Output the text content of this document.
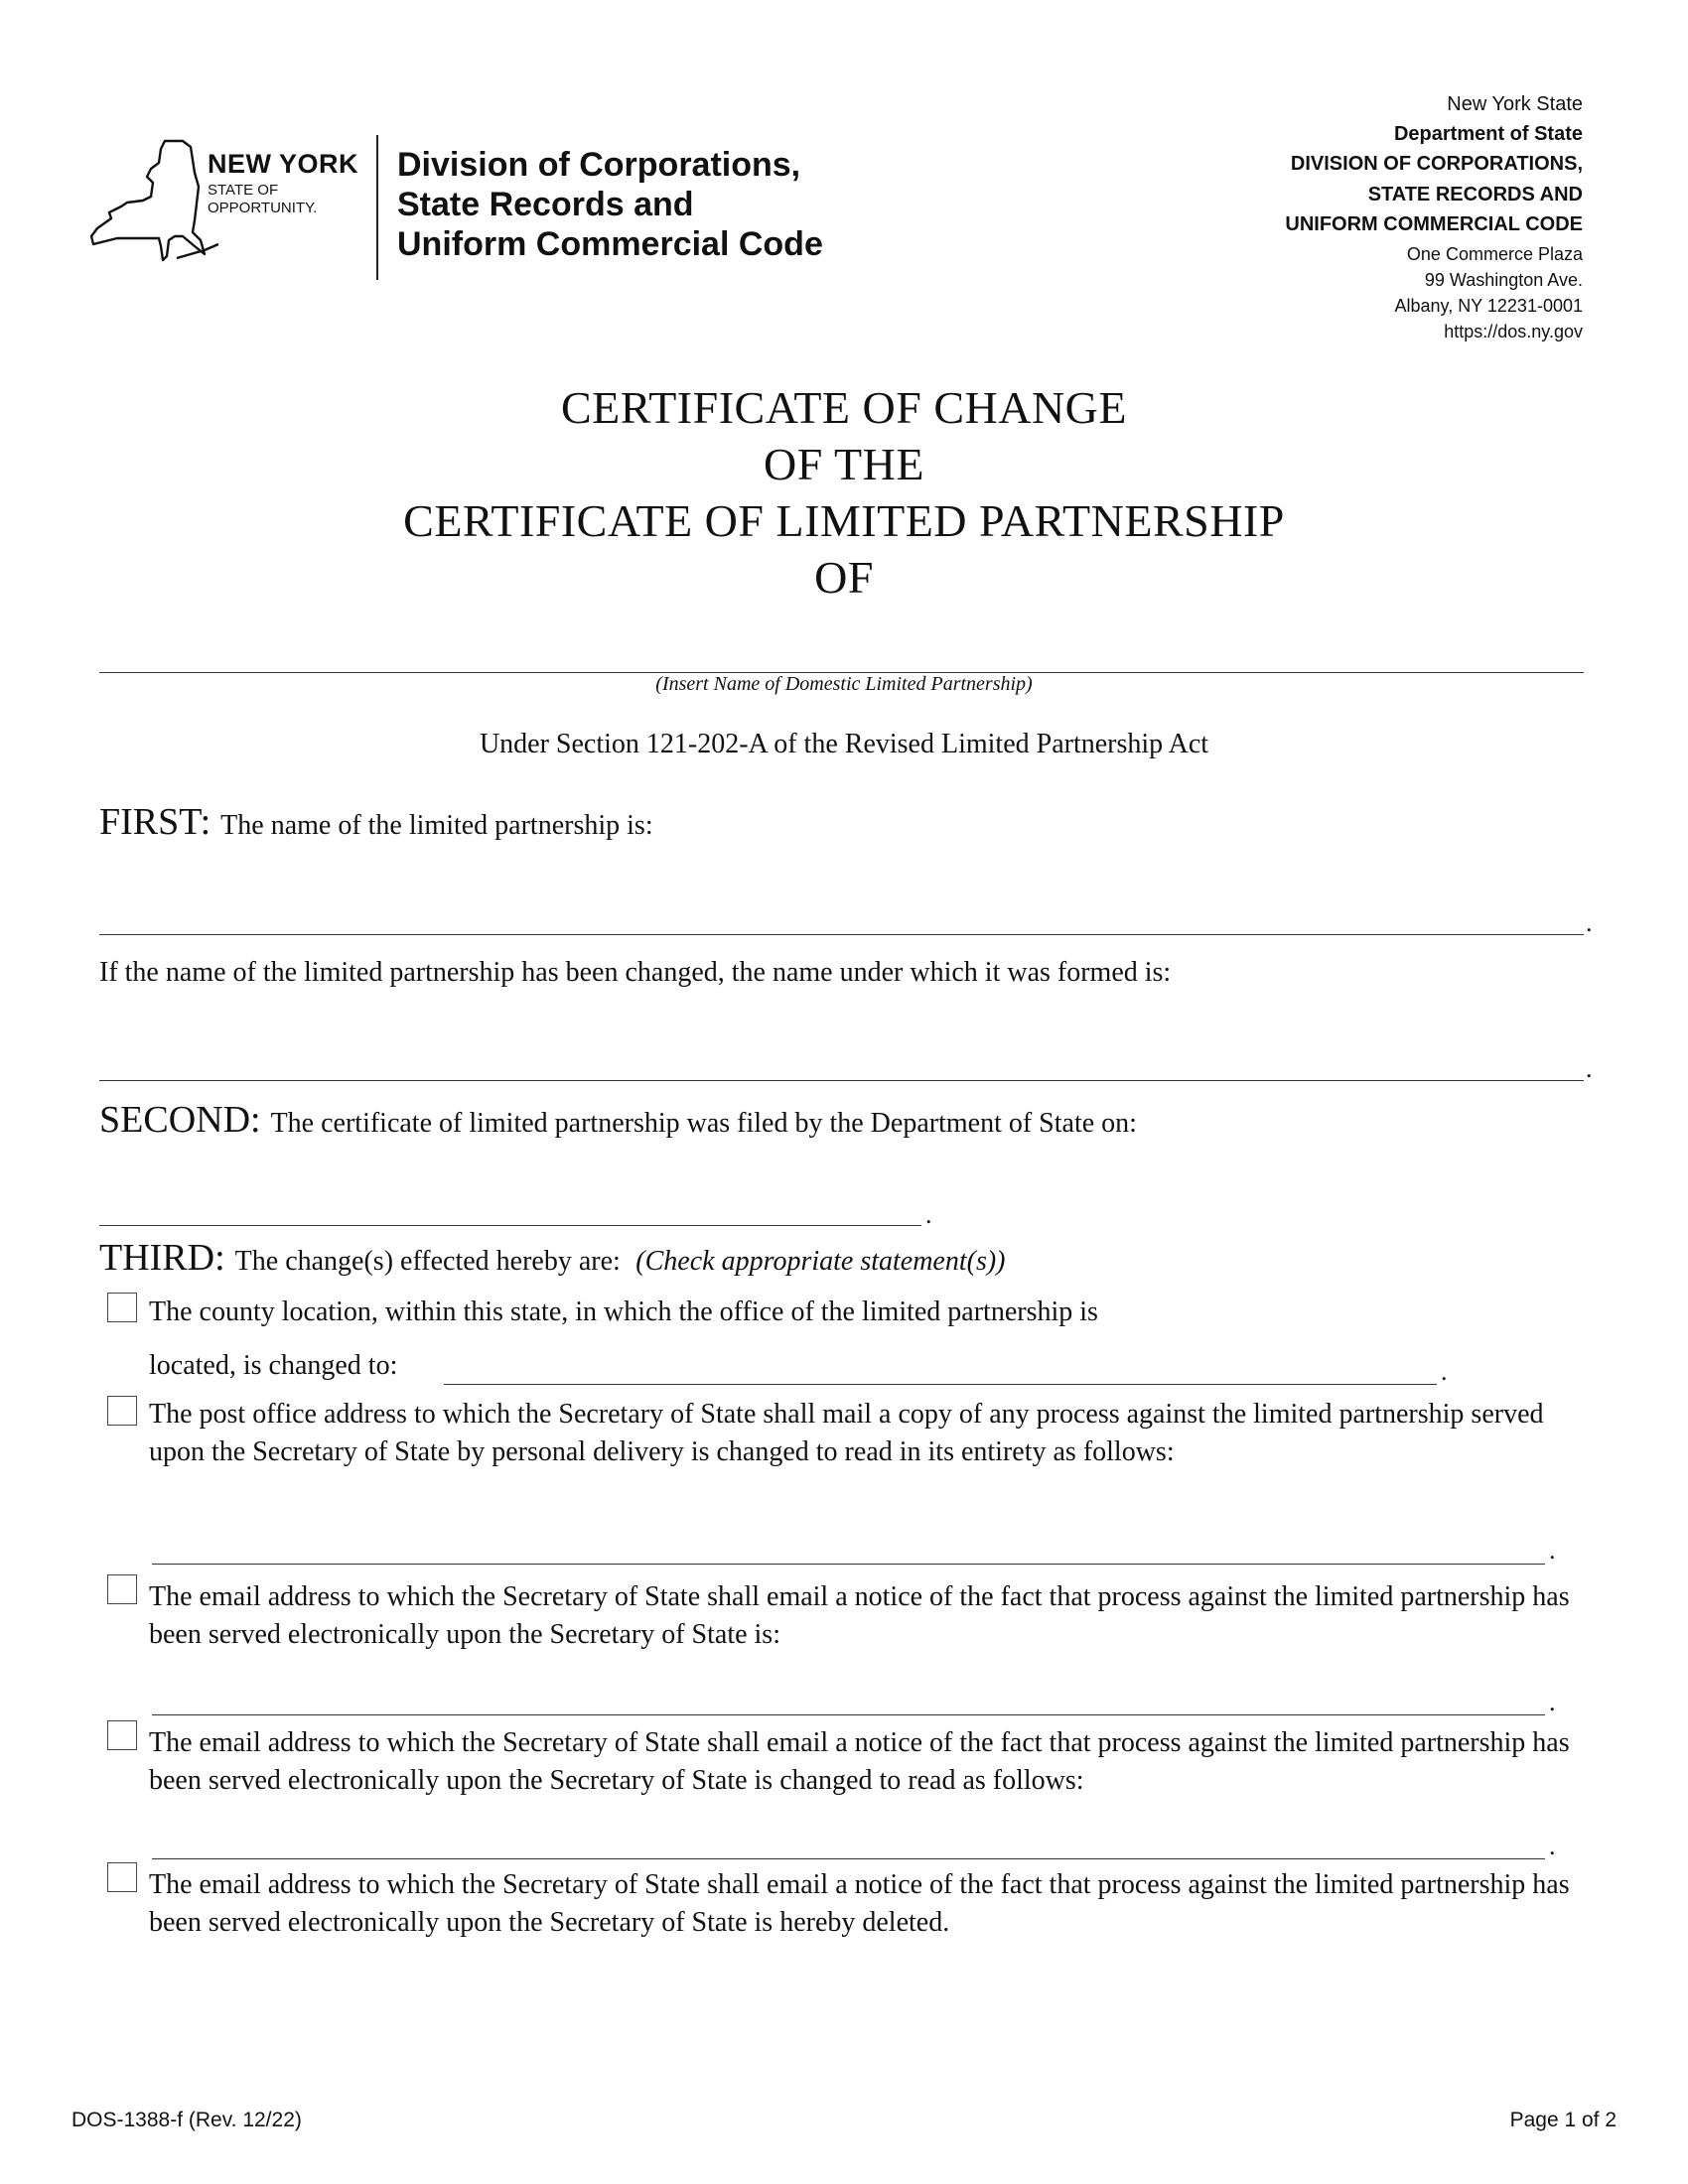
NEW YORK
STATE OF
OPPORTUNITY.
Division of Corporations,
State Records and
Uniform Commercial Code
New York State
Department of State
DIVISION OF CORPORATIONS,
STATE RECORDS AND
UNIFORM COMMERCIAL CODE
One Commerce Plaza
99 Washington Ave.
Albany, NY 12231-0001
https://dos.ny.gov
CERTIFICATE OF CHANGE
OF THE
CERTIFICATE OF LIMITED PARTNERSHIP
OF
(Insert Name of Domestic Limited Partnership)
Under Section 121-202-A of the Revised Limited Partnership Act
FIRST: The name of the limited partnership is:
.
If the name of the limited partnership has been changed, the name under which it was formed is:
.
SECOND: The certificate of limited partnership was filed by the Department of State on:
.
THIRD: The change(s) effected hereby are: (Check appropriate statement(s))
The county location, within this state, in which the office of the limited partnership is
located, is changed to:	.
The post office address to which the Secretary of State shall mail a copy of any process against the limited partnership served upon the Secretary of State by personal delivery is changed to read in its entirety as follows:
.
The email address to which the Secretary of State shall email a notice of the fact that process against the limited partnership has been served electronically upon the Secretary of State is:
.
The email address to which the Secretary of State shall email a notice of the fact that process against the limited partnership has been served electronically upon the Secretary of State is changed to read as follows:
.
The email address to which the Secretary of State shall email a notice of the fact that process against the limited partnership has been served electronically upon the Secretary of State is hereby deleted.
DOS-1388-f (Rev. 12/22)	Page 1 of 2
